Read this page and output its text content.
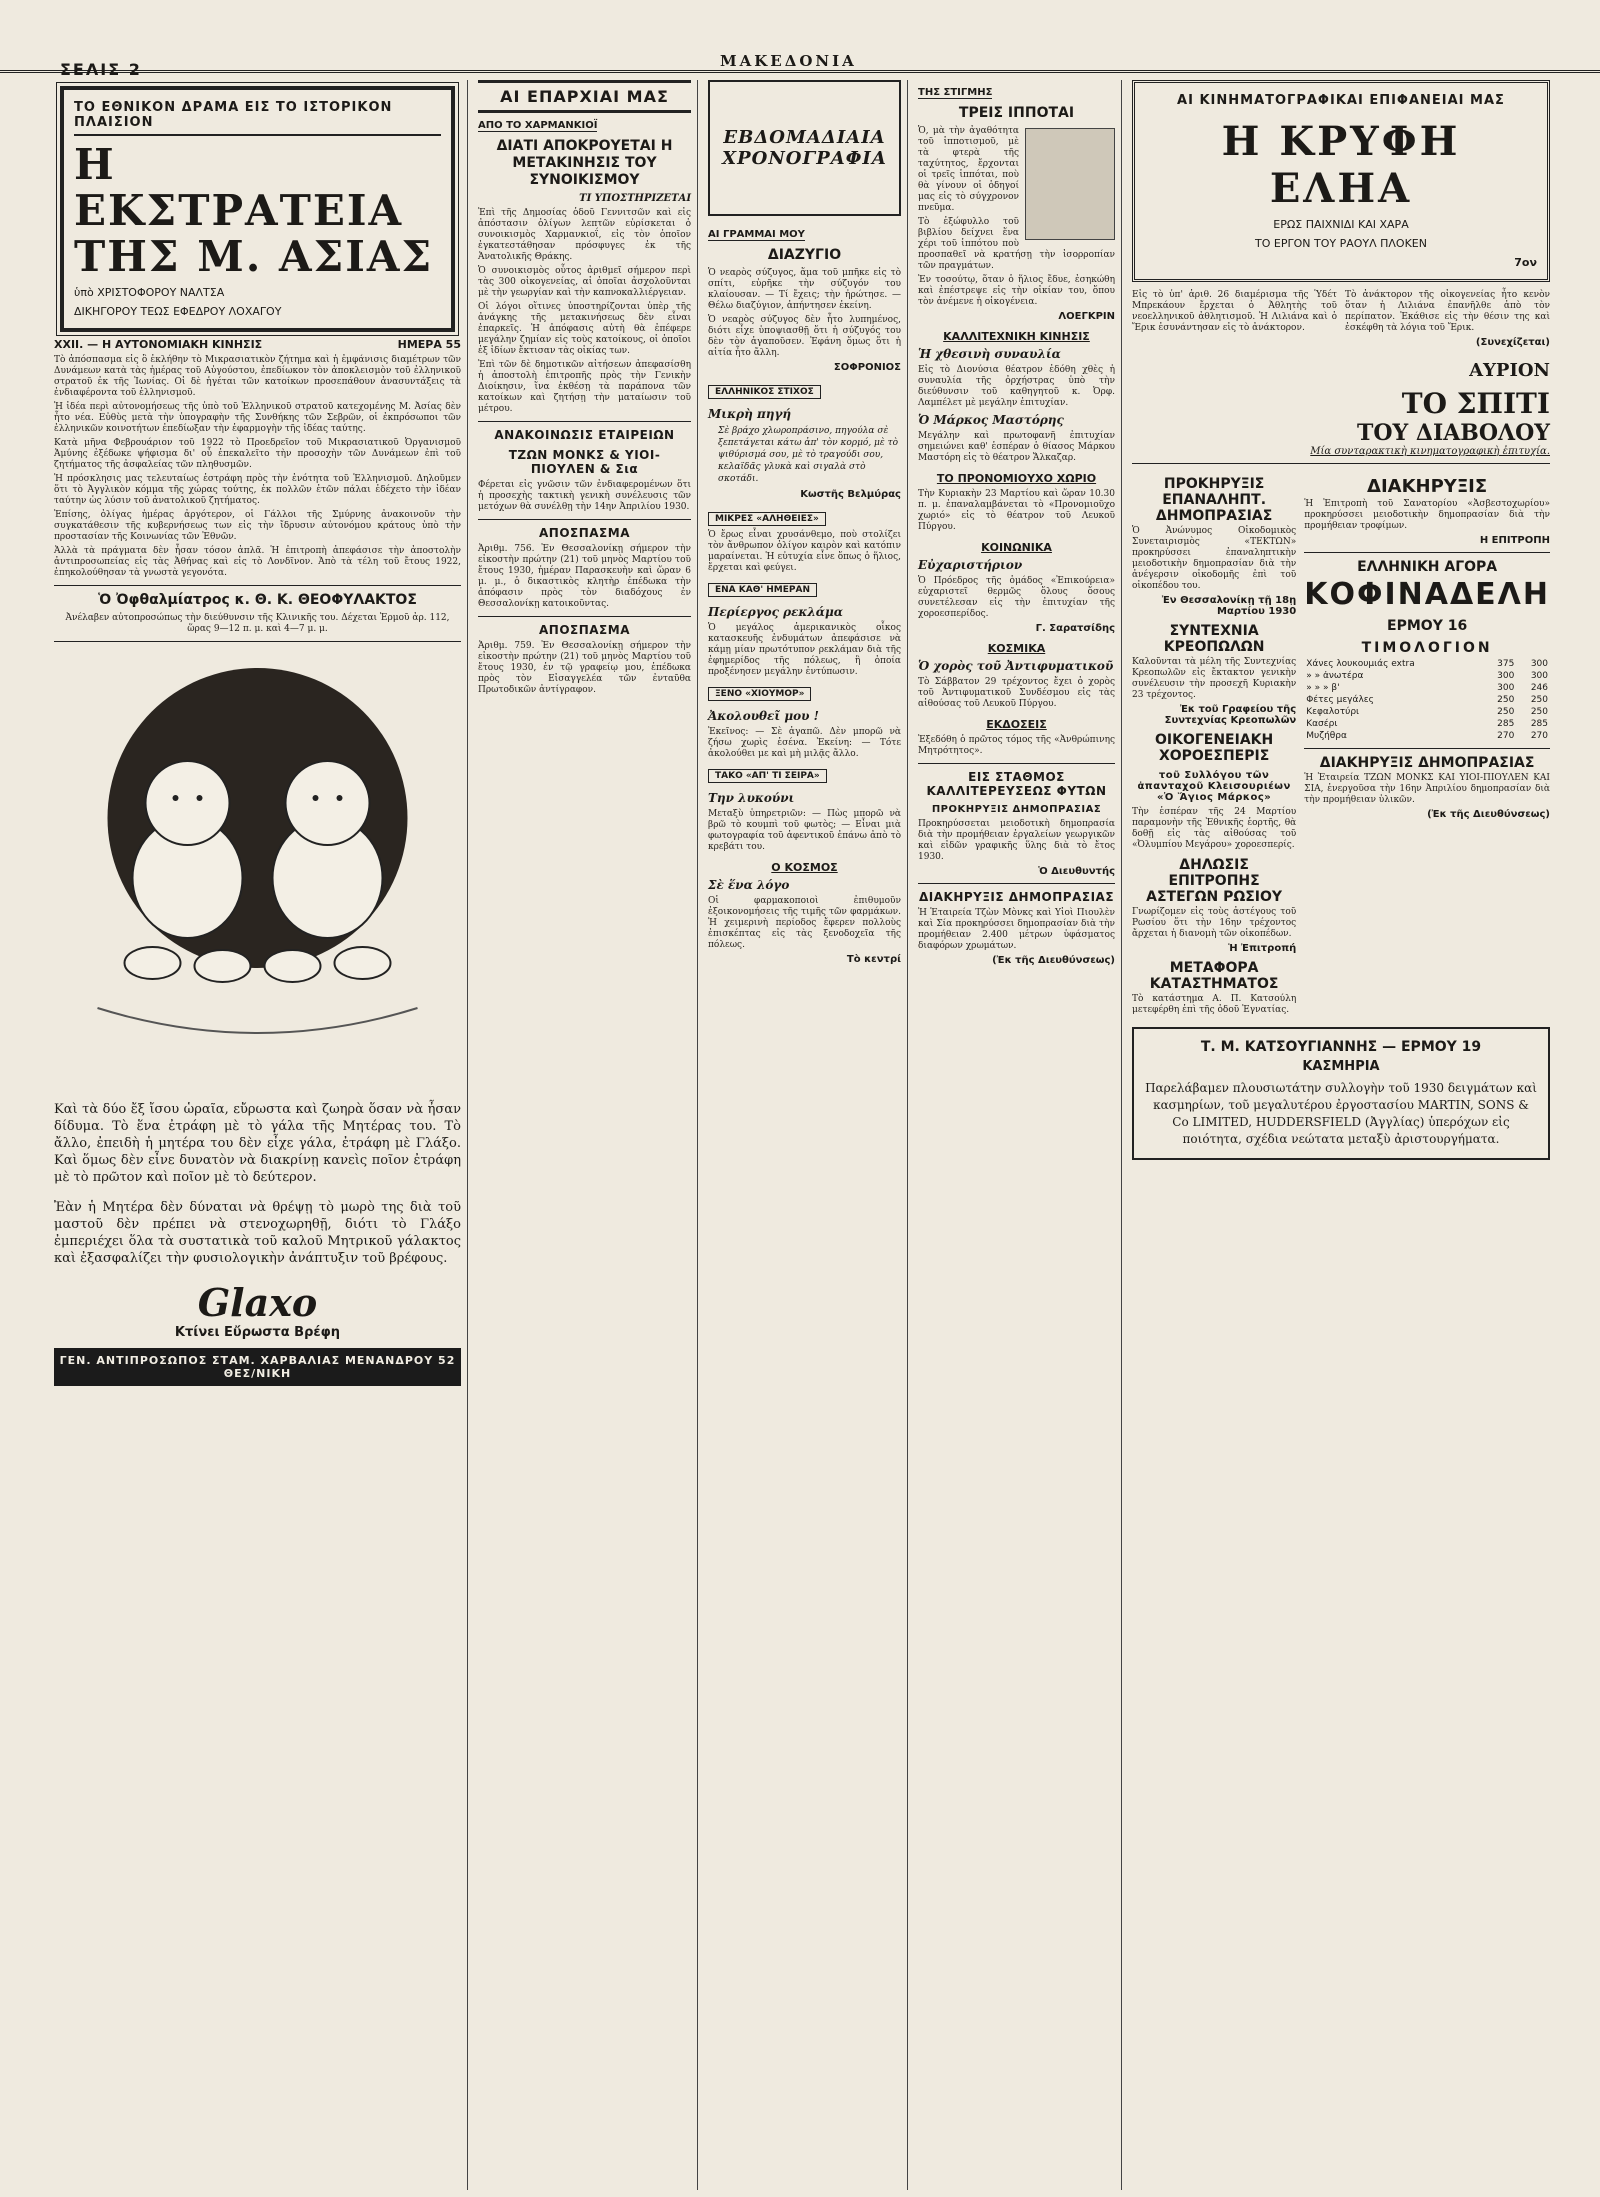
ΣΕΛΙΣ 2	ΜΑΚΕΔΟΝΙΑ
ΤΟ ΕΘΝΙΚΟΝ ΔΡΑΜΑ ΕΙΣ ΤΟ ΙΣΤΟΡΙΚΟΝ ΠΛΑΙΣΙΟΝ
Η ΕΚΣΤΡΑΤΕΙΑ
ΤΗΣ Μ. ΑΣΙΑΣ
ὑπὸ ΧΡΙΣΤΟΦΟΡΟΥ ΝΑΛΤΣΑ
ΔΙΚΗΓΟΡΟΥ ΤΕΩΣ ΕΦΕΔΡΟΥ ΛΟΧΑΓΟΥ
XXII. — Η ΑΥΤΟΝΟΜΙΑΚΗ ΚΙΝΗΣΙΣ	ΗΜΕΡΑ 55

Τὸ ἀπόσπασμα εἰς ὃ ἐκλήθην τὸ Μικρασιατικὸν ζήτημα καὶ ἡ ἐμφάνισις διαμέτρων τῶν Δυνάμεων κατὰ τὰς ἡμέρας τοῦ Αὐγούστου, ἐπεδίωκον τὸν ἀποκλεισμὸν τοῦ ἐλληνικοῦ στρατοῦ ἐκ τῆς Ἰωνίας. Οἱ δὲ ἡγέται τῶν κατοίκων προσεπάθουν ἀνασυντάξεις τὰ ἐνδιαφέροντα τοῦ ἑλληνισμοῦ.

Ἡ ἰδέα περὶ αὐτονομήσεως τῆς ὑπὸ τοῦ Ἑλληνικοῦ στρατοῦ κατεχομένης Μ. Ἀσίας δὲν ἦτο νέα. Εὐθὺς μετὰ τὴν ὑπογραφὴν τῆς Συνθήκης τῶν Σεβρῶν, οἱ ἐκπρόσωποι τῶν ἑλληνικῶν κοινοτήτων ἐπεδίωξαν τὴν ἐφαρμογὴν τῆς ἰδέας ταύτης.

Κατὰ μῆνα Φεβρουάριον τοῦ 1922 τὸ Προεδρεῖον τοῦ Μικρασιατικοῦ Ὀργανισμοῦ Ἀμύνης ἐξέδωκε ψήφισμα δι' οὗ ἐπεκαλεῖτο τὴν προσοχὴν τῶν Δυνάμεων ἐπὶ τοῦ ζητήματος τῆς ἀσφαλείας τῶν πληθυσμῶν.

Ἡ πρόσκλησις μας τελευταίως ἐστράφη πρὸς τὴν ἑνότητα τοῦ Ἑλληνισμοῦ. Δηλοῦμεν ὅτι τὸ Ἀγγλικὸν κόμμα τῆς χώρας τούτης, ἐκ πολλῶν ἐτῶν πάλαι ἐδέχετο τὴν ἰδέαν ταύτην ὡς λύσιν τοῦ ἀνατολικοῦ ζητήματος.

Ἐπίσης, ὀλίγας ἡμέρας ἀργότερον, οἱ Γάλλοι τῆς Σμύρνης ἀνακοινοῦν τὴν συγκατάθεσιν τῆς κυβερνήσεως των εἰς τὴν ἴδρυσιν αὐτονόμου κράτους ὑπὸ τὴν προστασίαν τῆς Κοινωνίας τῶν Ἐθνῶν.

Ἀλλὰ τὰ πράγματα δὲν ἦσαν τόσον ἁπλᾶ. Ἡ ἐπιτροπὴ ἀπεφάσισε τὴν ἀποστολὴν ἀντιπροσωπείας εἰς τὰς Ἀθήνας καὶ εἰς τὸ Λονδῖνον. Ἀπὸ τὰ τέλη τοῦ ἔτους 1922, ἐπηκολούθησαν τὰ γνωστὰ γεγονότα.

Ὁ Ὀφθαλμίατρος κ. Θ. Κ. ΘΕΟΦΥΛΑΚΤΟΣ

Ἀνέλαβεν αὐτοπροσώπως τὴν διεύθυνσιν τῆς Κλινικῆς του. Δέχεται Ἑρμοῦ ἀρ. 112, ὥρας 9—12 π. μ. καὶ 4—7 μ. μ.

Καὶ τὰ δύο ἔξ ἴσου ὡραῖα, εὔρωστα καὶ ζωηρὰ ὅσαν νὰ ἦσαν δίδυμα. Τὸ ἕνα ἐτράφη μὲ τὸ γάλα τῆς Μητέρας του. Τὸ ἄλλο, ἐπειδὴ ἡ μητέρα του δὲν εἶχε γάλα, ἐτράφη μὲ Γλάξο. Καὶ ὅμως δὲν εἶνε δυνατὸν νὰ διακρίνῃ κανεὶς ποῖον ἐτράφη μὲ τὸ πρῶτον καὶ ποῖον μὲ τὸ δεύτερον.

Ἐὰν ἡ Μητέρα δὲν δύναται νὰ θρέψῃ τὸ μωρὸ της διὰ τοῦ μαστοῦ δὲν πρέπει νὰ στενοχωρηθῇ, διότι τὸ Γλάξο ἐμπεριέχει ὅλα τὰ συστατικὰ τοῦ καλοῦ Μητρικοῦ γάλακτος καὶ ἐξασφαλίζει τὴν φυσιολογικὴν ἀνάπτυξιν τοῦ βρέφους.

Glaxo
Κτίνει Εὔρωστα Βρέφη
ΓΕΝ. ΑΝΤΙΠΡΟΣΩΠΟΣ ΣΤΑΜ. ΧΑΡΒΑΛΙΑΣ ΜΕΝΑΝΔΡΟΥ 52 ΘΕΣ/ΝΙΚΗ
ΑΙ ΕΠΑΡΧΙΑΙ ΜΑΣ
ΑΠΟ ΤΟ ΧΑΡΜΑΝΚΙΟΪ
ΔΙΑΤΙ ΑΠΟΚΡΟΥΕΤΑΙ Η ΜΕΤΑΚΙΝΗΣΙΣ ΤΟΥ ΣΥΝΟΙΚΙΣΜΟΥ
ΤΙ ΥΠΟΣΤΗΡΙΖΕΤΑΙ

Ἐπὶ τῆς Δημοσίας ὁδοῦ Γεννιτσῶν καὶ εἰς ἀπόστασιν ὀλίγων λεπτῶν εὑρίσκεται ὁ συνοικισμὸς Χαρμανκιοΐ, εἰς τὸν ὁποῖον ἐγκατεστάθησαν πρόσφυγες ἐκ τῆς Ἀνατολικῆς Θράκης.

Ὁ συνοικισμὸς οὗτος ἀριθμεῖ σήμερον περὶ τὰς 300 οἰκογενείας, αἱ ὁποῖαι ἀσχολοῦνται μὲ τὴν γεωργίαν καὶ τὴν καπνοκαλλιέργειαν.

Οἱ λόγοι οἵτινες ὑποστηρίζονται ὑπὲρ τῆς ἀνάγκης τῆς μετακινήσεως δὲν εἶναι ἐπαρκεῖς. Ἡ ἀπόφασις αὐτὴ θὰ ἐπέφερε μεγάλην ζημίαν εἰς τοὺς κατοίκους, οἱ ὁποῖοι ἐξ ἰδίων ἔκτισαν τὰς οἰκίας των.

Ἐπὶ τῶν δὲ δημοτικῶν αἰτήσεων ἀπεφασίσθη ἡ ἀποστολὴ ἐπιτροπῆς πρὸς τὴν Γενικὴν Διοίκησιν, ἵνα ἐκθέσῃ τὰ παράπονα τῶν κατοίκων καὶ ζητήσῃ τὴν ματαίωσιν τοῦ μέτρου.

ΑΝΑΚΟΙΝΩΣΙΣ ΕΤΑΙΡΕΙΩΝ
ΤΖΩΝ ΜΟΝΚΣ & ΥΙΟΙ-ΠΙΟΥΛΕΝ & Σια

Φέρεται εἰς γνῶσιν τῶν ἐνδιαφερομένων ὅτι ἡ προσεχὴς τακτικὴ γενικὴ συνέλευσις τῶν μετόχων θὰ συνέλθῃ τὴν 14ην Ἀπριλίου 1930.

ΑΠΟΣΠΑΣΜΑ

Ἀριθμ. 756. Ἐν Θεσσαλονίκῃ σήμερον τὴν εἰκοστὴν πρώτην (21) τοῦ μηνὸς Μαρτίου τοῦ ἔτους 1930, ἡμέραν Παρασκευὴν καὶ ὥραν 6 μ. μ., ὁ δικαστικὸς κλητὴρ ἐπέδωκα τὴν ἀπόφασιν πρὸς τὸν διαδόχους ἐν Θεσσαλονίκῃ κατοικοῦντας.

ΑΠΟΣΠΑΣΜΑ

Ἀριθμ. 759. Ἐν Θεσσαλονίκῃ σήμερον τὴν εἰκοστὴν πρώτην (21) τοῦ μηνὸς Μαρτίου τοῦ ἔτους 1930, ἐν τῷ γραφείῳ μου, ἐπέδωκα πρὸς τὸν Εἰσαγγελέα τῶν ἐνταῦθα Πρωτοδικῶν ἀντίγραφον.

ΕΒΔΟΜΑΔΙΑΙΑ ΧΡΟΝΟΓΡΑΦΙΑ
ΑΙ ΓΡΑΜΜΑΙ ΜΟΥ
ΔΙΑΖΥΓΙΟ

Ὁ νεαρὸς σύζυγος, ἅμα τοῦ μπῆκε εἰς τὸ σπίτι, εὑρῆκε τὴν σύζυγόν του κλαίουσαν. — Τί ἔχεις; τὴν ἠρώτησε. — Θέλω διαζύγιον, ἀπήντησεν ἐκείνη.

Ὁ νεαρὸς σύζυγος δὲν ἦτο λυπημένος, διότι εἶχε ὑποψιασθῇ ὅτι ἡ σύζυγός του δὲν τὸν ἀγαποῦσεν. Ἐφάνη ὅμως ὅτι ἡ αἰτία ἦτο ἄλλη.

ΣΟΦΡΟΝΙΟΣ
ΕΛΛΗΝΙΚΟΣ ΣΤΙΧΟΣ
Μικρὴ πηγή
Σὲ βράχο χλωροπράσινο, πηγούλα σὲ ξεπετάγεται κάτω ἀπ' τὸν κορμό, μὲ τὸ ψιθύρισμά σου, μὲ τὸ τραγούδι σου, κελαϊδᾶς γλυκὰ καὶ σιγαλὰ στὸ σκοτάδι.
Κωστῆς Βελμύρας
ΜΙΚΡΕΣ «ΑΛΗΘΕΙΕΣ»

Ὁ ἔρως εἶναι χρυσάνθεμο, ποὺ στολίζει τὸν ἄνθρωπον ὀλίγον καιρὸν καὶ κατόπιν μαραίνεται. Ἡ εὐτυχία εἶνε ὅπως ὁ ἥλιος, ἔρχεται καὶ φεύγει.

ΕΝΑ ΚΑΘ' ΗΜΕΡΑΝ
Περίεργος ρεκλάμα

Ὁ μεγάλος ἀμερικανικὸς οἶκος κατασκευῆς ἐνδυμάτων ἀπεφάσισε νὰ κάμῃ μίαν πρωτότυπον ρεκλάμαν διὰ τῆς ἐφημερίδος τῆς πόλεως, ἣ ὁποία προξένησεν μεγάλην ἐντύπωσιν.

ΞΕΝΟ «ΧΙΟΥΜΟΡ»
Ἀκολουθεῖ μου !

Ἐκεῖνος: — Σὲ ἀγαπῶ. Δὲν μπορῶ νὰ ζήσω χωρὶς ἐσένα. Ἐκείνη: — Τότε ἀκολούθει με καὶ μὴ μιλᾷς ἄλλο.

ΤΑΚΟ «ΑΠ' ΤΙ ΣΕΙΡΑ»
Την λυκούνι

Μεταξὺ ὑπηρετριῶν: — Πὼς μπορῶ νὰ βρῶ τὸ κουμπὶ τοῦ φωτὸς; — Εἶναι μιὰ φωτογραφία τοῦ ἀφεντικοῦ ἐπάνω ἀπὸ τὸ κρεβάτι του.

Ο ΚΟΣΜΟΣ
Σὲ ἕνα λόγο

Οἱ φαρμακοποιοὶ ἐπιθυμοῦν ἐξοικονομήσεις τῆς τιμῆς τῶν φαρμάκων. Ἡ χειμερινὴ περίοδος ἔφερεν πολλοὺς ἐπισκέπτας εἰς τὰς ξενοδοχεῖα τῆς πόλεως.

Τὸ κεντρί
ΤΗΣ ΣΤΙΓΜΗΣ
ΤΡΕΙΣ ΙΠΠΟΤΑΙ

Ὁ, μὰ τὴν ἀγαθότητα τοῦ ἱπποτισμοῦ, μὲ τὰ φτερὰ τῆς ταχύτητος, ἔρχονται οἱ τρεῖς ἱππόται, ποὺ θὰ γίνουν οἱ ὁδηγοί μας εἰς τὸ σύγχρονον πνεῦμα.

Τὸ ἐξώφυλλο τοῦ βιβλίου δείχνει ἕνα χέρι τοῦ ἱππότου ποὺ προσπαθεῖ νὰ κρατήσῃ τὴν ἰσορροπίαν τῶν πραγμάτων.

Ἐν τοσούτῳ, ὅταν ὁ ἥλιος ἔδυε, ἐσηκώθη καὶ ἐπέστρεψε εἰς τὴν οἰκίαν του, ὅπου τὸν ἀνέμενε ἡ οἰκογένεια.

ΛΟΕΓΚΡΙΝ
ΚΑΛΛΙΤΕΧΝΙΚΗ ΚΙΝΗΣΙΣ
Ἡ χθεσινὴ συναυλία

Εἰς τὸ Διονύσια θέατρον ἐδόθη χθὲς ἡ συναυλία τῆς ὀρχήστρας ὑπὸ τὴν διεύθυνσιν τοῦ καθηγητοῦ κ. Ὀρφ. Λαμπέλετ μὲ μεγάλην ἐπιτυχίαν.

Ὁ Μάρκος Μαστόρης

Μεγάλην καὶ πρωτοφανῆ ἐπιτυχίαν σημειώνει καθ' ἑσπέραν ὁ θίασος Μάρκου Μαστόρη εἰς τὸ θέατρον Ἄλκαζαρ.

ΤΟ ΠΡΟΝΟΜΙΟΥΧΟ ΧΩΡΙΟ

Τὴν Κυριακὴν 23 Μαρτίου καὶ ὥραν 10.30 π. μ. ἐπαναλαμβάνεται τὸ «Προνομιοῦχο χωριό» εἰς τὸ θέατρον τοῦ Λευκοῦ Πύργου.

ΚΟΙΝΩΝΙΚΑ
Εὐχαριστήριον

Ὁ Πρόεδρος τῆς ὁμάδος «Ἐπικούρεια» εὐχαριστεῖ θερμῶς ὅλους ὅσους συνετέλεσαν εἰς τὴν ἐπιτυχίαν τῆς χοροεσπερίδος.

Γ. Σαρατσίδης
ΚΟΣΜΙΚΑ
Ὁ χορὸς τοῦ Ἀντιφυματικοῦ

Τὸ Σάββατον 29 τρέχοντος ἔχει ὁ χορὸς τοῦ Ἀντιφυματικοῦ Συνδέσμου εἰς τὰς αἰθούσας τοῦ Λευκοῦ Πύργου.

ΕΚΔΟΣΕΙΣ

Ἐξεδόθη ὁ πρῶτος τόμος τῆς «Ἀνθρώπινης Μητρότητος».

ΕΙΣ ΣΤΑΘΜΟΣ ΚΑΛΛΙΤΕΡΕΥΣΕΩΣ ΦΥΤΩΝ
ΠΡΟΚΗΡΥΞΙΣ ΔΗΜΟΠΡΑΣΙΑΣ

Προκηρύσσεται μειοδοτικὴ δημοπρασία διὰ τὴν προμήθειαν ἐργαλείων γεωργικῶν καὶ εἰδῶν γραφικῆς ὕλης διὰ τὸ ἔτος 1930.

Ὁ Διευθυντής
ΔΙΑΚΗΡΥΞΙΣ ΔΗΜΟΠΡΑΣΙΑΣ

Ἡ Ἑταιρεία Τζὼν Μὸνκς καὶ Υἱοὶ Πιουλὲν καὶ Σία προκηρύσσει δημοπρασίαν διὰ τὴν προμήθειαν 2.400 μέτρων ὑφάσματος διαφόρων χρωμάτων.

(Ἐκ τῆς Διευθύνσεως)
ΑΙ ΚΙΝΗΜΑΤΟΓΡΑΦΙΚΑΙ ΕΠΙΦΑΝΕΙΑΙ ΜΑΣ
Η ΚΡΥΦΗ ΕΛΗΑ
ΕΡΩΣ ΠΑΙΧΝΙΔΙ ΚΑΙ ΧΑΡΑ
ΤΟ ΕΡΓΟΝ ΤΟΥ ΡΑΟΥΛ ΠΛΟΚΕΝ
7ον

Εἰς τὸ ὑπ' ἀριθ. 26 διαμέρισμα τῆς Ὑδέτ Μπρεκάουν ἔρχεται ὁ Ἀθλητὴς τοῦ νεοελληνικοῦ ἀθλητισμοῦ. Ἡ Λιλιάνα καὶ ὁ Ἔρικ ἐσυνάντησαν εἰς τὸ ἀνάκτορον.

Τὸ ἀνάκτορον τῆς οἰκογενείας ἦτο κενὸν ὅταν ἡ Λιλιάνα ἐπανῆλθε ἀπὸ τὸν περίπατον. Ἐκάθισε εἰς τὴν θέσιν της καὶ ἐσκέφθη τὰ λόγια τοῦ Ἔρικ.

(Συνεχίζεται)
ΑΥΡΙΟΝ
ΤΟ ΣΠΙΤΙ
ΤΟΥ ΔΙΑΒΟΛΟΥ
Μία συνταρακτικὴ κινηματογραφικὴ ἐπιτυχία.
ΠΡΟΚΗΡΥΞΙΣ ΕΠΑΝΑΛΗΠΤ. ΔΗΜΟΠΡΑΣΙΑΣ

Ὁ Ἀνώνυμος Οἰκοδομικὸς Συνεταιρισμὸς «ΤΕΚΤΩΝ» προκηρύσσει ἐπαναληπτικὴν μειοδοτικὴν δημοπρασίαν διὰ τὴν ἀνέγερσιν οἰκοδομῆς ἐπὶ τοῦ οἰκοπέδου του.

Ἐν Θεσσαλονίκῃ τῇ 18ῃ Μαρτίου 1930
ΣΥΝΤΕΧΝΙΑ ΚΡΕΟΠΩΛΩΝ

Καλοῦνται τὰ μέλη τῆς Συντεχνίας Κρεοπωλῶν εἰς ἔκτακτον γενικὴν συνέλευσιν τὴν προσεχῆ Κυριακὴν 23 τρέχοντος.

Ἐκ τοῦ Γραφείου τῆς Συντεχνίας Κρεοπωλῶν
ΟΙΚΟΓΕΝΕΙΑΚΗ ΧΟΡΟΕΣΠΕΡΙΣ
τοῦ Συλλόγου τῶν ἁπανταχοῦ Κλεισουριέων «Ὁ Ἅγιος Μάρκος»

Τὴν ἑσπέραν τῆς 24 Μαρτίου παραμονὴν τῆς Ἐθνικῆς ἑορτῆς, θὰ δοθῇ εἰς τὰς αἰθούσας τοῦ «Ὀλυμπίου Μεγάρου» χοροεσπερίς.

ΔΗΛΩΣΙΣ ΕΠΙΤΡΟΠΗΣ ΑΣΤΕΓΩΝ ΡΩΣΙΟΥ

Γνωρίζομεν εἰς τοὺς ἀστέγους τοῦ Ρωσίου ὅτι τὴν 16ην τρέχοντος ἄρχεται ἡ διανομὴ τῶν οἰκοπέδων.

Ἡ Ἐπιτροπή
ΜΕΤΑΦΟΡΑ ΚΑΤΑΣΤΗΜΑΤΟΣ

Τὸ κατάστημα Α. Π. Κατσούλη μετεφέρθη ἐπὶ τῆς ὁδοῦ Ἐγνατίας.

ΔΙΑΚΗΡΥΞΙΣ

Ἡ Ἐπιτροπὴ τοῦ Σανατορίου «Ἀσβεστοχωρίου» προκηρύσσει μειοδοτικὴν δημοπρασίαν διὰ τὴν προμήθειαν τροφίμων.

Η ΕΠΙΤΡΟΠΗ
ΕΛΛΗΝΙΚΗ ΑΓΟΡΑ
ΚΟΦΙΝΑΔΕΛΗ
ΕΡΜΟΥ 16
ΤΙΜΟΛΟΓΙΟΝ
Χάνες λουκουμιάς extra	375	300
» » ἀνωτέρα	300	300
» » » β'	300	246
Φέτες μεγάλες	250	250
Κεφαλοτύρι	250	250
Κασέρι	285	285
Μυζήθρα	270	270
ΔΙΑΚΗΡΥΞΙΣ ΔΗΜΟΠΡΑΣΙΑΣ

Ἡ Ἑταιρεία ΤΖΩΝ ΜΟΝΚΣ ΚΑΙ ΥΙΟΙ-ΠΙΟΥΛΕΝ ΚΑΙ ΣΙΑ, ἐνεργοῦσα τὴν 16ην Ἀπριλίου δημοπρασίαν διὰ τὴν προμήθειαν ὑλικῶν.

(Ἐκ τῆς Διευθύνσεως)
Τ. Μ. ΚΑΤΣΟΥΓΙΑΝΝΗΣ — ΕΡΜΟΥ 19
ΚΑΣΜΗΡΙΑ
Παρελάβαμεν πλουσιωτάτην συλλογὴν τοῦ 1930 δειγμάτων καὶ κασμηρίων, τοῦ μεγαλυτέρου ἐργοστασίου MARTIN, SONS & Co LIMITED, HUDDERSFIELD (Ἀγγλίας) ὑπερόχων εἰς ποιότητα, σχέδια νεώτατα μεταξὺ ἀριστουργήματα.
